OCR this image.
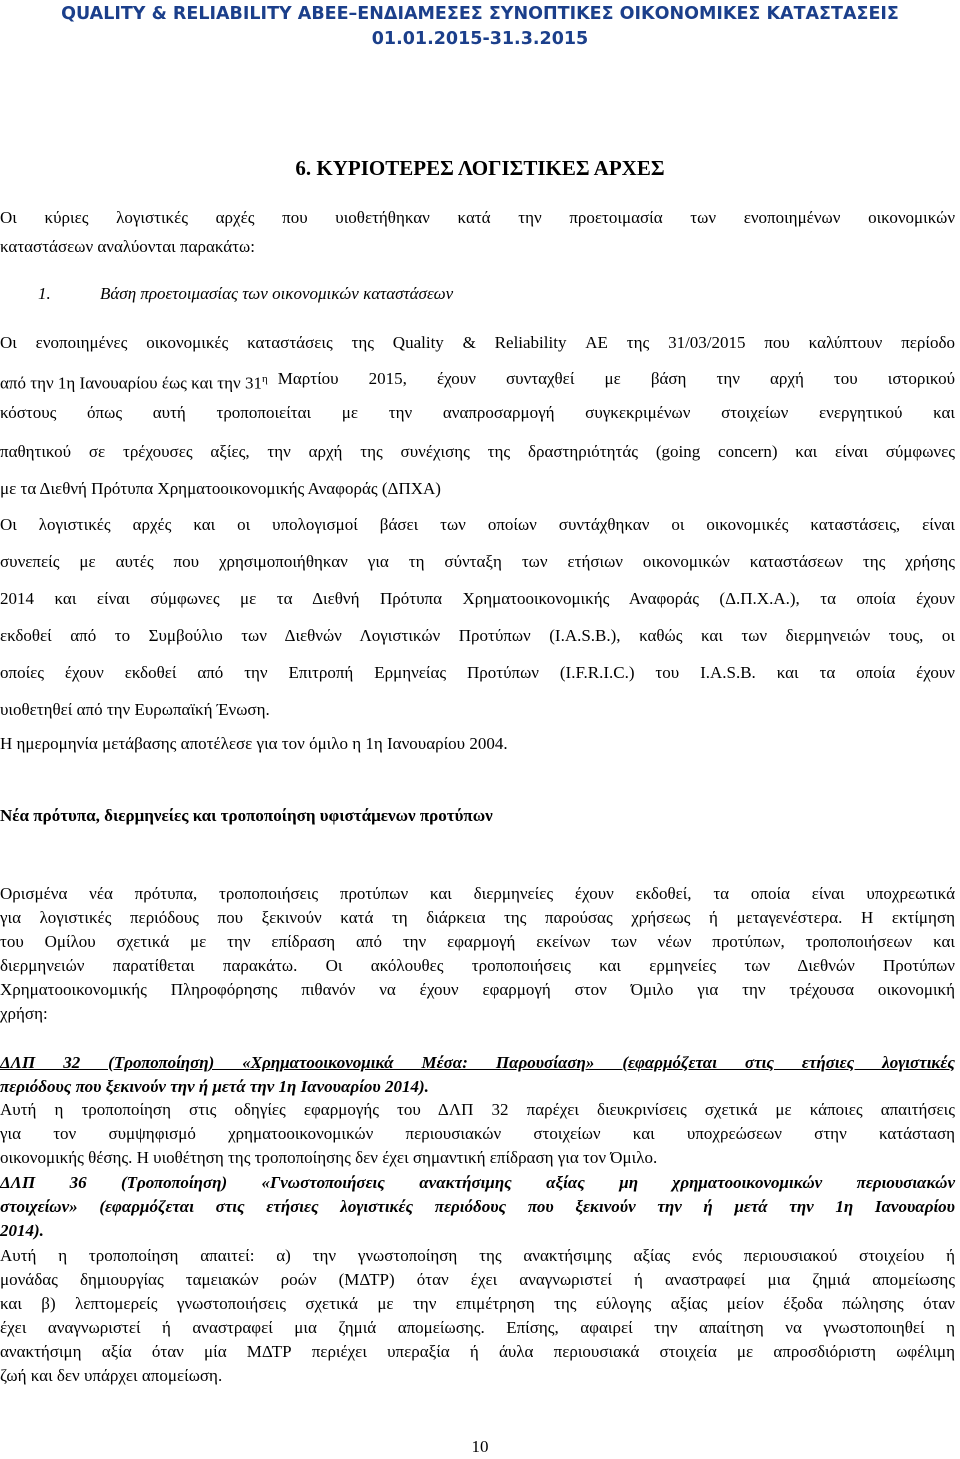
QUALITY & RELIABILITY ABEE–ΕΝΔΙΑΜΕΣΕΣ ΣΥΝΟΠΤΙΚΕΣ ΟΙΚΟΝΟΜΙΚΕΣ ΚΑΤΑΣΤΑΣΕΙΣ
01.01.2015-31.3.2015
6. ΚΥΡΙΟΤΕΡΕΣ ΛΟΓΙΣΤΙΚΕΣ ΑΡΧΕΣ
Οι κύριες λογιστικές αρχές που υιοθετήθηκαν κατά την προετοιμασία των ενοποιημένων οικονομικών
καταστάσεων αναλύονται παρακάτω:
1.	Βάση προετοιμασίας των οικονομικών καταστάσεων
Οι ενοποιημένες οικονομικές καταστάσεις της Quality & Reliability ΑΕ της 31/03/2015 που καλύπτουν περίοδο
από την 1η Ιανουαρίου έως και την $31^\eta$ Μαρτίου 2015, έχουν συνταχθεί με βάση την αρχή του ιστορικού
κόστους όπως αυτή τροποποιείται με την αναπροσαρμογή συγκεκριμένων στοιχείων ενεργητικού και
παθητικού σε τρέχουσες αξίες, την αρχή της συνέχισης της δραστηριότητάς (going concern) και είναι σύμφωνες
με τα Διεθνή Πρότυπα Χρηματοοικονομικής Αναφοράς (ΔΠΧΑ)
Οι λογιστικές αρχές και οι υπολογισμοί βάσει των οποίων συντάχθηκαν οι οικονομικές καταστάσεις, είναι
συνεπείς με αυτές που χρησιμοποιήθηκαν για τη σύνταξη των ετήσιων οικονομικών καταστάσεων της χρήσης
2014 και είναι σύμφωνες με τα Διεθνή Πρότυπα Χρηματοοικονομικής Αναφοράς (Δ.Π.Χ.Α.), τα οποία έχουν
εκδοθεί από το Συμβούλιο των Διεθνών Λογιστικών Προτύπων (I.A.S.B.), καθώς και των διερμηνειών τους, οι
οποίες έχουν εκδοθεί από την Επιτροπή Ερμηνείας Προτύπων (I.F.R.I.C.) του I.A.S.B. και τα οποία έχουν
υιοθετηθεί από την Ευρωπαϊκή Ένωση.
Η ημερομηνία μετάβασης αποτέλεσε για τον όμιλο η 1η Ιανουαρίου 2004.
Νέα πρότυπα, διερμηνείες και τροποποίηση υφιστάμενων προτύπων
Ορισμένα νέα πρότυπα, τροποποιήσεις προτύπων και διερμηνείες έχουν εκδοθεί, τα οποία είναι υποχρεωτικά
για λογιστικές περιόδους που ξεκινούν κατά τη διάρκεια της παρούσας χρήσεως ή μεταγενέστερα. Η εκτίμηση
του Ομίλου σχετικά με την επίδραση από την εφαρμογή εκείνων των νέων προτύπων, τροποποιήσεων και
διερμηνειών παρατίθεται παρακάτω. Οι ακόλουθες τροποποιήσεις και ερμηνείες των Διεθνών Προτύπων
Χρηματοοικονομικής Πληροφόρησης πιθανόν να έχουν εφαρμογή στον Όμιλο για την τρέχουσα οικονομική
χρήση:
ΔΛΠ 32 (Τροποποίηση) «Χρηματοοικονομικά Μέσα: Παρουσίαση» (εφαρμόζεται στις ετήσιες λογιστικές
περιόδους που ξεκινούν την ή μετά την 1η Ιανουαρίου 2014).
Αυτή η τροποποίηση στις οδηγίες εφαρμογής του ΔΛΠ 32 παρέχει διευκρινίσεις σχετικά με κάποιες απαιτήσεις
για τον συμψηφισμό χρηματοοικονομικών περιουσιακών στοιχείων και υποχρεώσεων στην κατάσταση
οικονομικής θέσης. Η υιοθέτηση της τροποποίησης δεν έχει σημαντική επίδραση για τον Όμιλο.
ΔΛΠ 36 (Τροποποίηση) «Γνωστοποιήσεις ανακτήσιμης αξίας μη χρηματοοικονομικών περιουσιακών
στοιχείων» (εφαρμόζεται στις ετήσιες λογιστικές περιόδους που ξεκινούν την ή μετά την 1η Ιανουαρίου
2014).
Αυτή η τροποποίηση απαιτεί: α) την γνωστοποίηση της ανακτήσιμης αξίας ενός περιουσιακού στοιχείου ή
μονάδας δημιουργίας ταμειακών ροών (ΜΔΤΡ) όταν έχει αναγνωριστεί ή αναστραφεί μια ζημιά απομείωσης
και β) λεπτομερείς γνωστοποιήσεις σχετικά με την επιμέτρηση της εύλογης αξίας μείον έξοδα πώλησης όταν
έχει αναγνωριστεί ή αναστραφεί μια ζημιά απομείωσης. Επίσης, αφαιρεί την απαίτηση να γνωστοποιηθεί η
ανακτήσιμη αξία όταν μία ΜΔΤΡ περιέχει υπεραξία ή άυλα περιουσιακά στοιχεία με απροσδιόριστη ωφέλιμη
ζωή και δεν υπάρχει απομείωση.
10
